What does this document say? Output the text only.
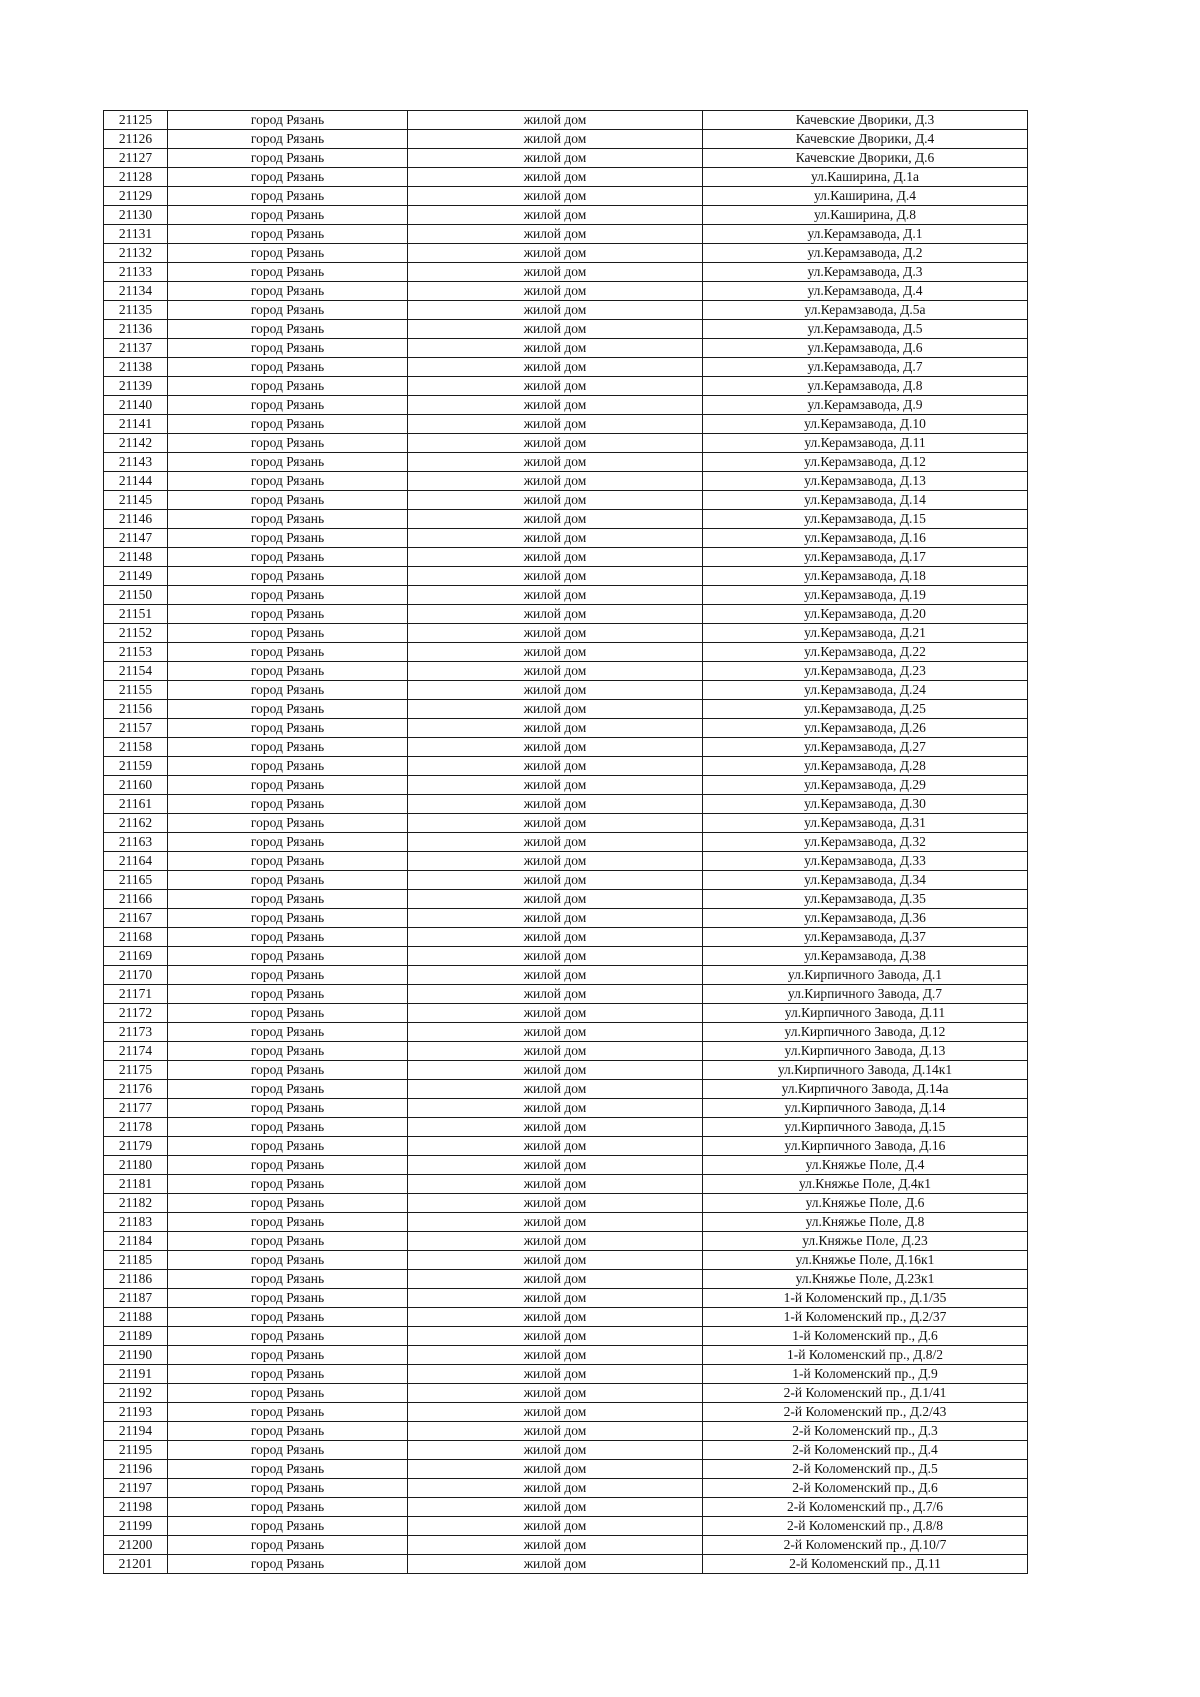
21125	город Рязань	жилой дом	Качевские Дворики, Д.3
21126	город Рязань	жилой дом	Качевские Дворики, Д.4
21127	город Рязань	жилой дом	Качевские Дворики, Д.6
21128	город Рязань	жилой дом	ул.Каширина, Д.1а
21129	город Рязань	жилой дом	ул.Каширина, Д.4
21130	город Рязань	жилой дом	ул.Каширина, Д.8
21131	город Рязань	жилой дом	ул.Керамзавода, Д.1
21132	город Рязань	жилой дом	ул.Керамзавода, Д.2
21133	город Рязань	жилой дом	ул.Керамзавода, Д.3
21134	город Рязань	жилой дом	ул.Керамзавода, Д.4
21135	город Рязань	жилой дом	ул.Керамзавода, Д.5а
21136	город Рязань	жилой дом	ул.Керамзавода, Д.5
21137	город Рязань	жилой дом	ул.Керамзавода, Д.6
21138	город Рязань	жилой дом	ул.Керамзавода, Д.7
21139	город Рязань	жилой дом	ул.Керамзавода, Д.8
21140	город Рязань	жилой дом	ул.Керамзавода, Д.9
21141	город Рязань	жилой дом	ул.Керамзавода, Д.10
21142	город Рязань	жилой дом	ул.Керамзавода, Д.11
21143	город Рязань	жилой дом	ул.Керамзавода, Д.12
21144	город Рязань	жилой дом	ул.Керамзавода, Д.13
21145	город Рязань	жилой дом	ул.Керамзавода, Д.14
21146	город Рязань	жилой дом	ул.Керамзавода, Д.15
21147	город Рязань	жилой дом	ул.Керамзавода, Д.16
21148	город Рязань	жилой дом	ул.Керамзавода, Д.17
21149	город Рязань	жилой дом	ул.Керамзавода, Д.18
21150	город Рязань	жилой дом	ул.Керамзавода, Д.19
21151	город Рязань	жилой дом	ул.Керамзавода, Д.20
21152	город Рязань	жилой дом	ул.Керамзавода, Д.21
21153	город Рязань	жилой дом	ул.Керамзавода, Д.22
21154	город Рязань	жилой дом	ул.Керамзавода, Д.23
21155	город Рязань	жилой дом	ул.Керамзавода, Д.24
21156	город Рязань	жилой дом	ул.Керамзавода, Д.25
21157	город Рязань	жилой дом	ул.Керамзавода, Д.26
21158	город Рязань	жилой дом	ул.Керамзавода, Д.27
21159	город Рязань	жилой дом	ул.Керамзавода, Д.28
21160	город Рязань	жилой дом	ул.Керамзавода, Д.29
21161	город Рязань	жилой дом	ул.Керамзавода, Д.30
21162	город Рязань	жилой дом	ул.Керамзавода, Д.31
21163	город Рязань	жилой дом	ул.Керамзавода, Д.32
21164	город Рязань	жилой дом	ул.Керамзавода, Д.33
21165	город Рязань	жилой дом	ул.Керамзавода, Д.34
21166	город Рязань	жилой дом	ул.Керамзавода, Д.35
21167	город Рязань	жилой дом	ул.Керамзавода, Д.36
21168	город Рязань	жилой дом	ул.Керамзавода, Д.37
21169	город Рязань	жилой дом	ул.Керамзавода, Д.38
21170	город Рязань	жилой дом	ул.Кирпичного Завода, Д.1
21171	город Рязань	жилой дом	ул.Кирпичного Завода, Д.7
21172	город Рязань	жилой дом	ул.Кирпичного Завода, Д.11
21173	город Рязань	жилой дом	ул.Кирпичного Завода, Д.12
21174	город Рязань	жилой дом	ул.Кирпичного Завода, Д.13
21175	город Рязань	жилой дом	ул.Кирпичного Завода, Д.14к1
21176	город Рязань	жилой дом	ул.Кирпичного Завода, Д.14а
21177	город Рязань	жилой дом	ул.Кирпичного Завода, Д.14
21178	город Рязань	жилой дом	ул.Кирпичного Завода, Д.15
21179	город Рязань	жилой дом	ул.Кирпичного Завода, Д.16
21180	город Рязань	жилой дом	ул.Княжье Поле, Д.4
21181	город Рязань	жилой дом	ул.Княжье Поле, Д.4к1
21182	город Рязань	жилой дом	ул.Княжье Поле, Д.6
21183	город Рязань	жилой дом	ул.Княжье Поле, Д.8
21184	город Рязань	жилой дом	ул.Княжье Поле, Д.23
21185	город Рязань	жилой дом	ул.Княжье Поле, Д.16к1
21186	город Рязань	жилой дом	ул.Княжье Поле, Д.23к1
21187	город Рязань	жилой дом	1-й Коломенский пр., Д.1/35
21188	город Рязань	жилой дом	1-й Коломенский пр., Д.2/37
21189	город Рязань	жилой дом	1-й Коломенский пр., Д.6
21190	город Рязань	жилой дом	1-й Коломенский пр., Д.8/2
21191	город Рязань	жилой дом	1-й Коломенский пр., Д.9
21192	город Рязань	жилой дом	2-й Коломенский пр., Д.1/41
21193	город Рязань	жилой дом	2-й Коломенский пр., Д.2/43
21194	город Рязань	жилой дом	2-й Коломенский пр., Д.3
21195	город Рязань	жилой дом	2-й Коломенский пр., Д.4
21196	город Рязань	жилой дом	2-й Коломенский пр., Д.5
21197	город Рязань	жилой дом	2-й Коломенский пр., Д.6
21198	город Рязань	жилой дом	2-й Коломенский пр., Д.7/6
21199	город Рязань	жилой дом	2-й Коломенский пр., Д.8/8
21200	город Рязань	жилой дом	2-й Коломенский пр., Д.10/7
21201	город Рязань	жилой дом	2-й Коломенский пр., Д.11
